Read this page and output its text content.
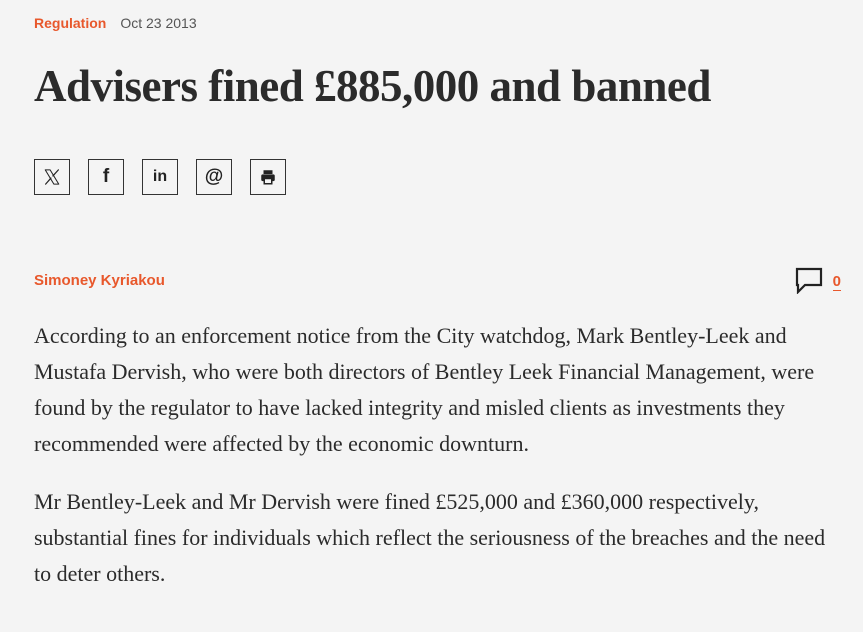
Regulation Oct 23 2013
Advisers fined £885,000 and banned
f	in @
Simoney Kyriakou	0

According to an enforcement notice from the City watchdog, Mark Bentley-Leek and Mustafa Dervish, who were both directors of Bentley Leek Financial Management, were found by the regulator to have lacked integrity and misled clients as investments they recommended were affected by the economic downturn.

Mr Bentley-Leek and Mr Dervish were fined £525,000 and £360,000 respectively, substantial fines for individuals which reflect the seriousness of the breaches and the need to deter others.
